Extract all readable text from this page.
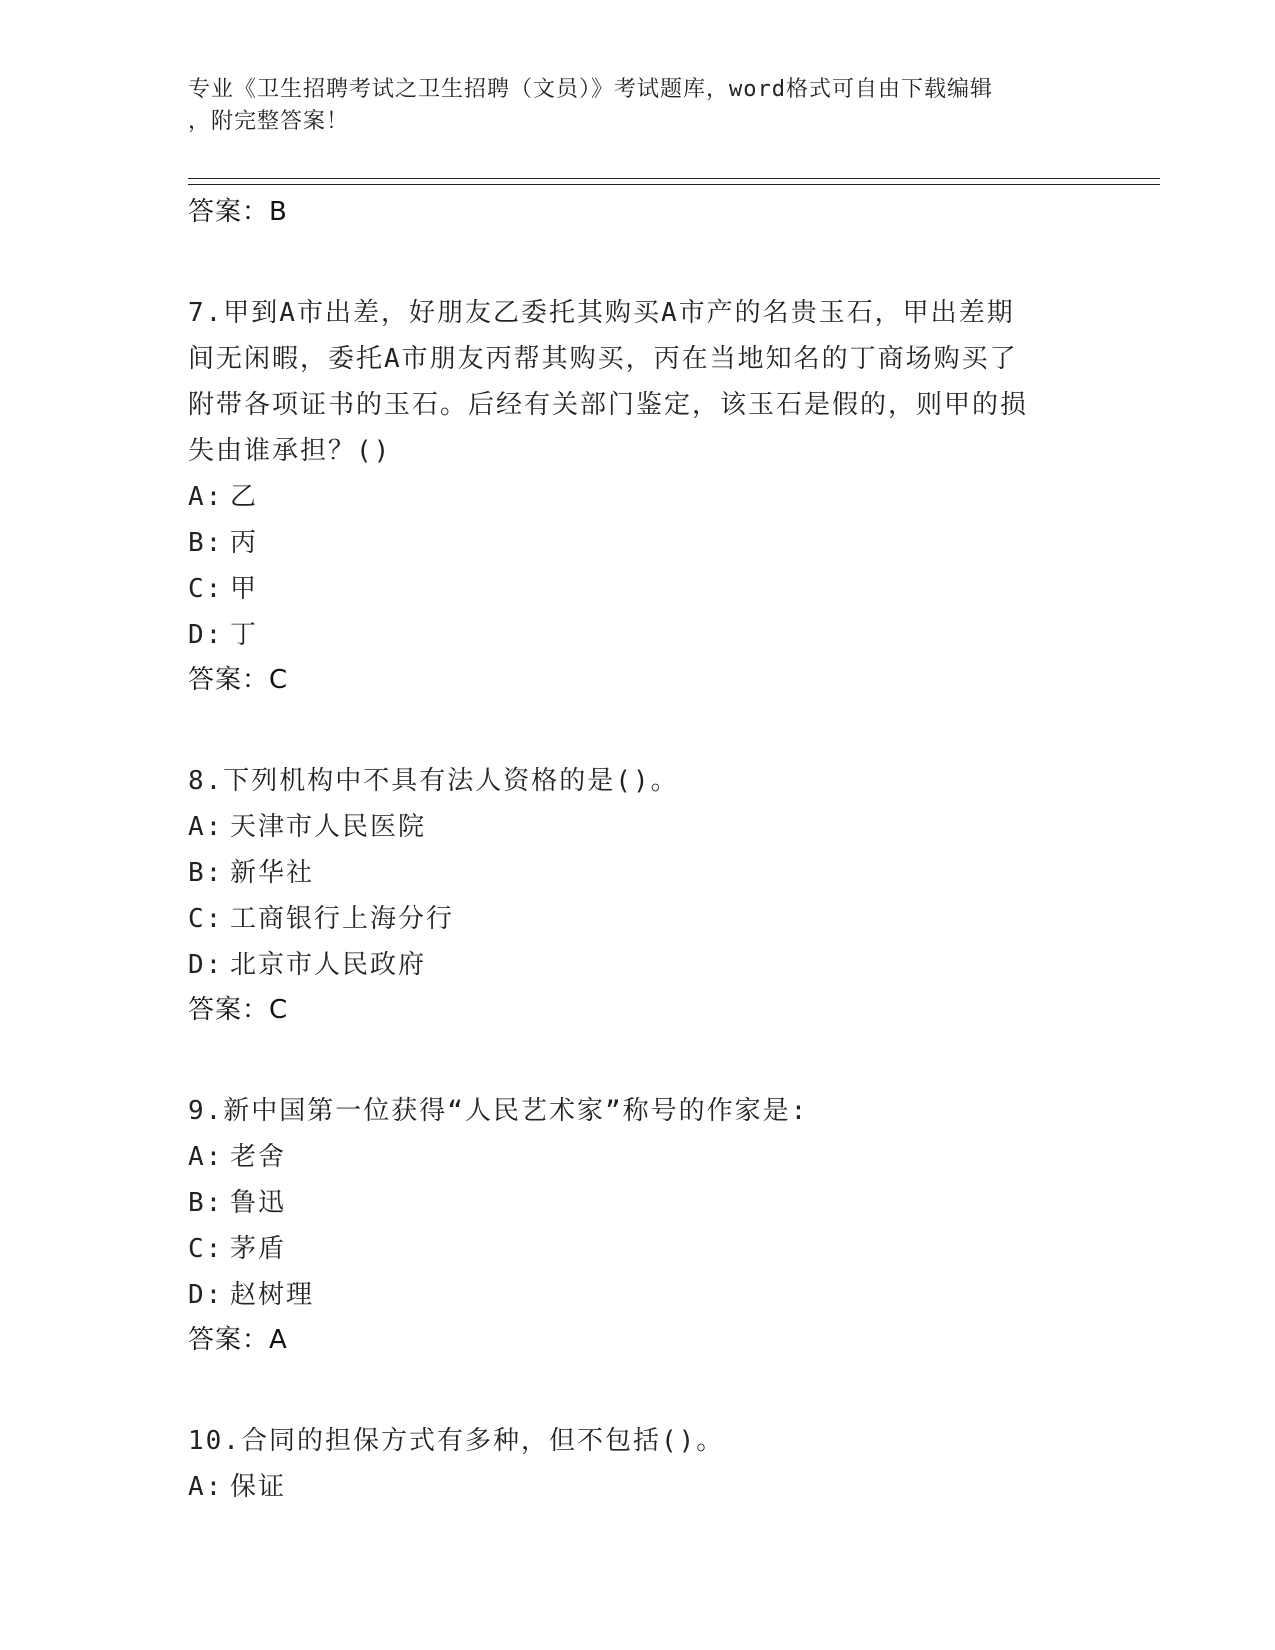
专业《卫生招聘考试之卫生招聘（文员）》考试题库，word格式可自由下载编辑
，附完整答案！
答案：B
7.甲到A市出差，好朋友乙委托其购买A市产的名贵玉石，甲出差期
间无闲暇，委托A市朋友丙帮其购买，丙在当地知名的丁商场购买了
附带各项证书的玉石。后经有关部门鉴定，该玉石是假的，则甲的损
失由谁承担？()
A: 乙
B: 丙
C: 甲
D: 丁
答案：C
8.下列机构中不具有法人资格的是()。
A: 天津市人民医院
B: 新华社
C: 工商银行上海分行
D: 北京市人民政府
答案：C
9.新中国第一位获得“人民艺术家”称号的作家是:
A: 老舍
B: 鲁迅
C: 茅盾
D: 赵树理
答案：A
10.合同的担保方式有多种，但不包括()。
A: 保证
